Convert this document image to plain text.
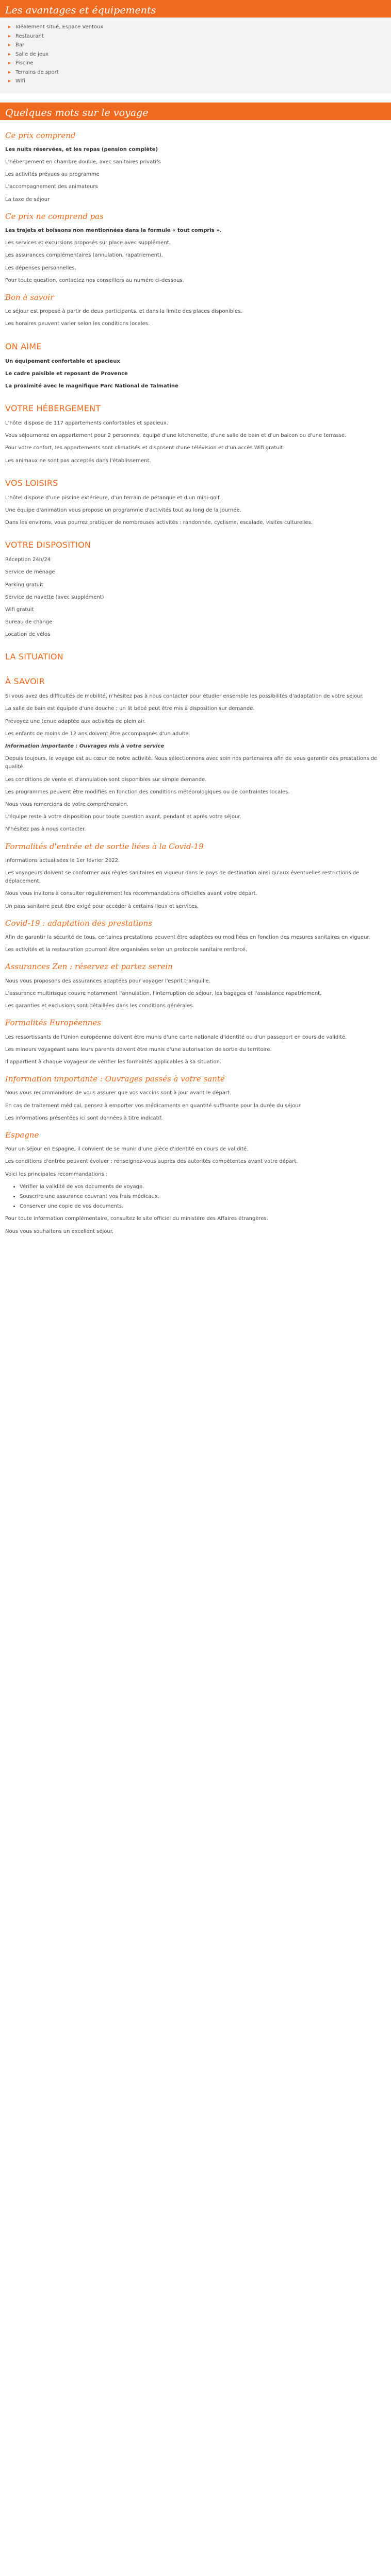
Les avantages et équipements
▸ Idéalement situé, Espace Ventoux
▸ Restaurant
▸ Bar
▸ Salle de jeux
▸ Piscine
▸ Terrains de sport
▸ Wifi
Quelques mots sur le voyage
Ce prix comprend

Les nuits réservées, et les repas (pension complète)

L'hébergement en chambre double, avec sanitaires privatifs

Les activités prévues au programme

L'accompagnement des animateurs

La taxe de séjour

Ce prix ne comprend pas

Les trajets et boissons non mentionnées dans la formule « tout compris ».

Les services et excursions proposés sur place avec supplément.

Les assurances complémentaires (annulation, rapatriement).

Les dépenses personnelles.

Pour toute question, contactez nos conseillers au numéro ci-dessous.

Bon à savoir

Le séjour est proposé à partir de deux participants, et dans la limite des places disponibles.

Les horaires peuvent varier selon les conditions locales.

ON AIME

Un équipement confortable et spacieux

Le cadre paisible et reposant de Provence

La proximité avec le magnifique Parc National de Talmatine

VOTRE HÉBERGEMENT

L'hôtel dispose de 117 appartements confortables et spacieux.

Vous séjournerez en appartement pour 2 personnes, équipé d'une kitchenette, d'une salle de bain et d'un balcon ou d'une terrasse.

Pour votre confort, les appartements sont climatisés et disposent d'une télévision et d'un accès Wifi gratuit.

Les animaux ne sont pas acceptés dans l'établissement.

VOS LOISIRS

L'hôtel dispose d'une piscine extérieure, d'un terrain de pétanque et d'un mini-golf.

Une équipe d'animation vous propose un programme d'activités tout au long de la journée.

Dans les environs, vous pourrez pratiquer de nombreuses activités : randonnée, cyclisme, escalade, visites culturelles.

VOTRE DISPOSITION

Réception 24h/24

Service de ménage

Parking gratuit

Service de navette (avec supplément)

Wifi gratuit

Bureau de change

Location de vélos

LA SITUATION
À SAVOIR

Si vous avez des difficultés de mobilité, n'hésitez pas à nous contacter pour étudier ensemble les possibilités d'adaptation de votre séjour.

La salle de bain est équipée d'une douche ; un lit bébé peut être mis à disposition sur demande.

Prévoyez une tenue adaptée aux activités de plein air.

Les enfants de moins de 12 ans doivent être accompagnés d'un adulte.

Information importante : Ouvrages mis à votre service

Depuis toujours, le voyage est au cœur de notre activité. Nous sélectionnons avec soin nos partenaires afin de vous garantir des prestations de qualité.

Les conditions de vente et d'annulation sont disponibles sur simple demande.

Les programmes peuvent être modifiés en fonction des conditions météorologiques ou de contraintes locales.

Nous vous remercions de votre compréhension.

L'équipe reste à votre disposition pour toute question avant, pendant et après votre séjour.

N'hésitez pas à nous contacter.

Formalités d'entrée et de sortie liées à la Covid-19

Informations actualisées le 1er février 2022.

Les voyageurs doivent se conformer aux règles sanitaires en vigueur dans le pays de destination ainsi qu'aux éventuelles restrictions de déplacement.

Nous vous invitons à consulter régulièrement les recommandations officielles avant votre départ.

Un pass sanitaire peut être exigé pour accéder à certains lieux et services.

Covid-19 : adaptation des prestations

Afin de garantir la sécurité de tous, certaines prestations peuvent être adaptées ou modifiées en fonction des mesures sanitaires en vigueur.

Les activités et la restauration pourront être organisées selon un protocole sanitaire renforcé.

Assurances Zen : réservez et partez serein

Nous vous proposons des assurances adaptées pour voyager l'esprit tranquille.

L'assurance multirisque couvre notamment l'annulation, l'interruption de séjour, les bagages et l'assistance rapatriement.

Les garanties et exclusions sont détaillées dans les conditions générales.

Formalités Européennes

Les ressortissants de l'Union européenne doivent être munis d'une carte nationale d'identité ou d'un passeport en cours de validité.

Les mineurs voyageant sans leurs parents doivent être munis d'une autorisation de sortie du territoire.

Il appartient à chaque voyageur de vérifier les formalités applicables à sa situation.

Information importante : Ouvrages passés à votre santé

Nous vous recommandons de vous assurer que vos vaccins sont à jour avant le départ.

En cas de traitement médical, pensez à emporter vos médicaments en quantité suffisante pour la durée du séjour.

Les informations présentées ici sont données à titre indicatif.

Espagne

Pour un séjour en Espagne, il convient de se munir d'une pièce d'identité en cours de validité.

Les conditions d'entrée peuvent évoluer : renseignez-vous auprès des autorités compétentes avant votre départ.

Voici les principales recommandations :

• Vérifier la validité de vos documents de voyage.
• Souscrire une assurance couvrant vos frais médicaux.
• Conserver une copie de vos documents.

Pour toute information complémentaire, consultez le site officiel du ministère des Affaires étrangères.

Nous vous souhaitons un excellent séjour.
